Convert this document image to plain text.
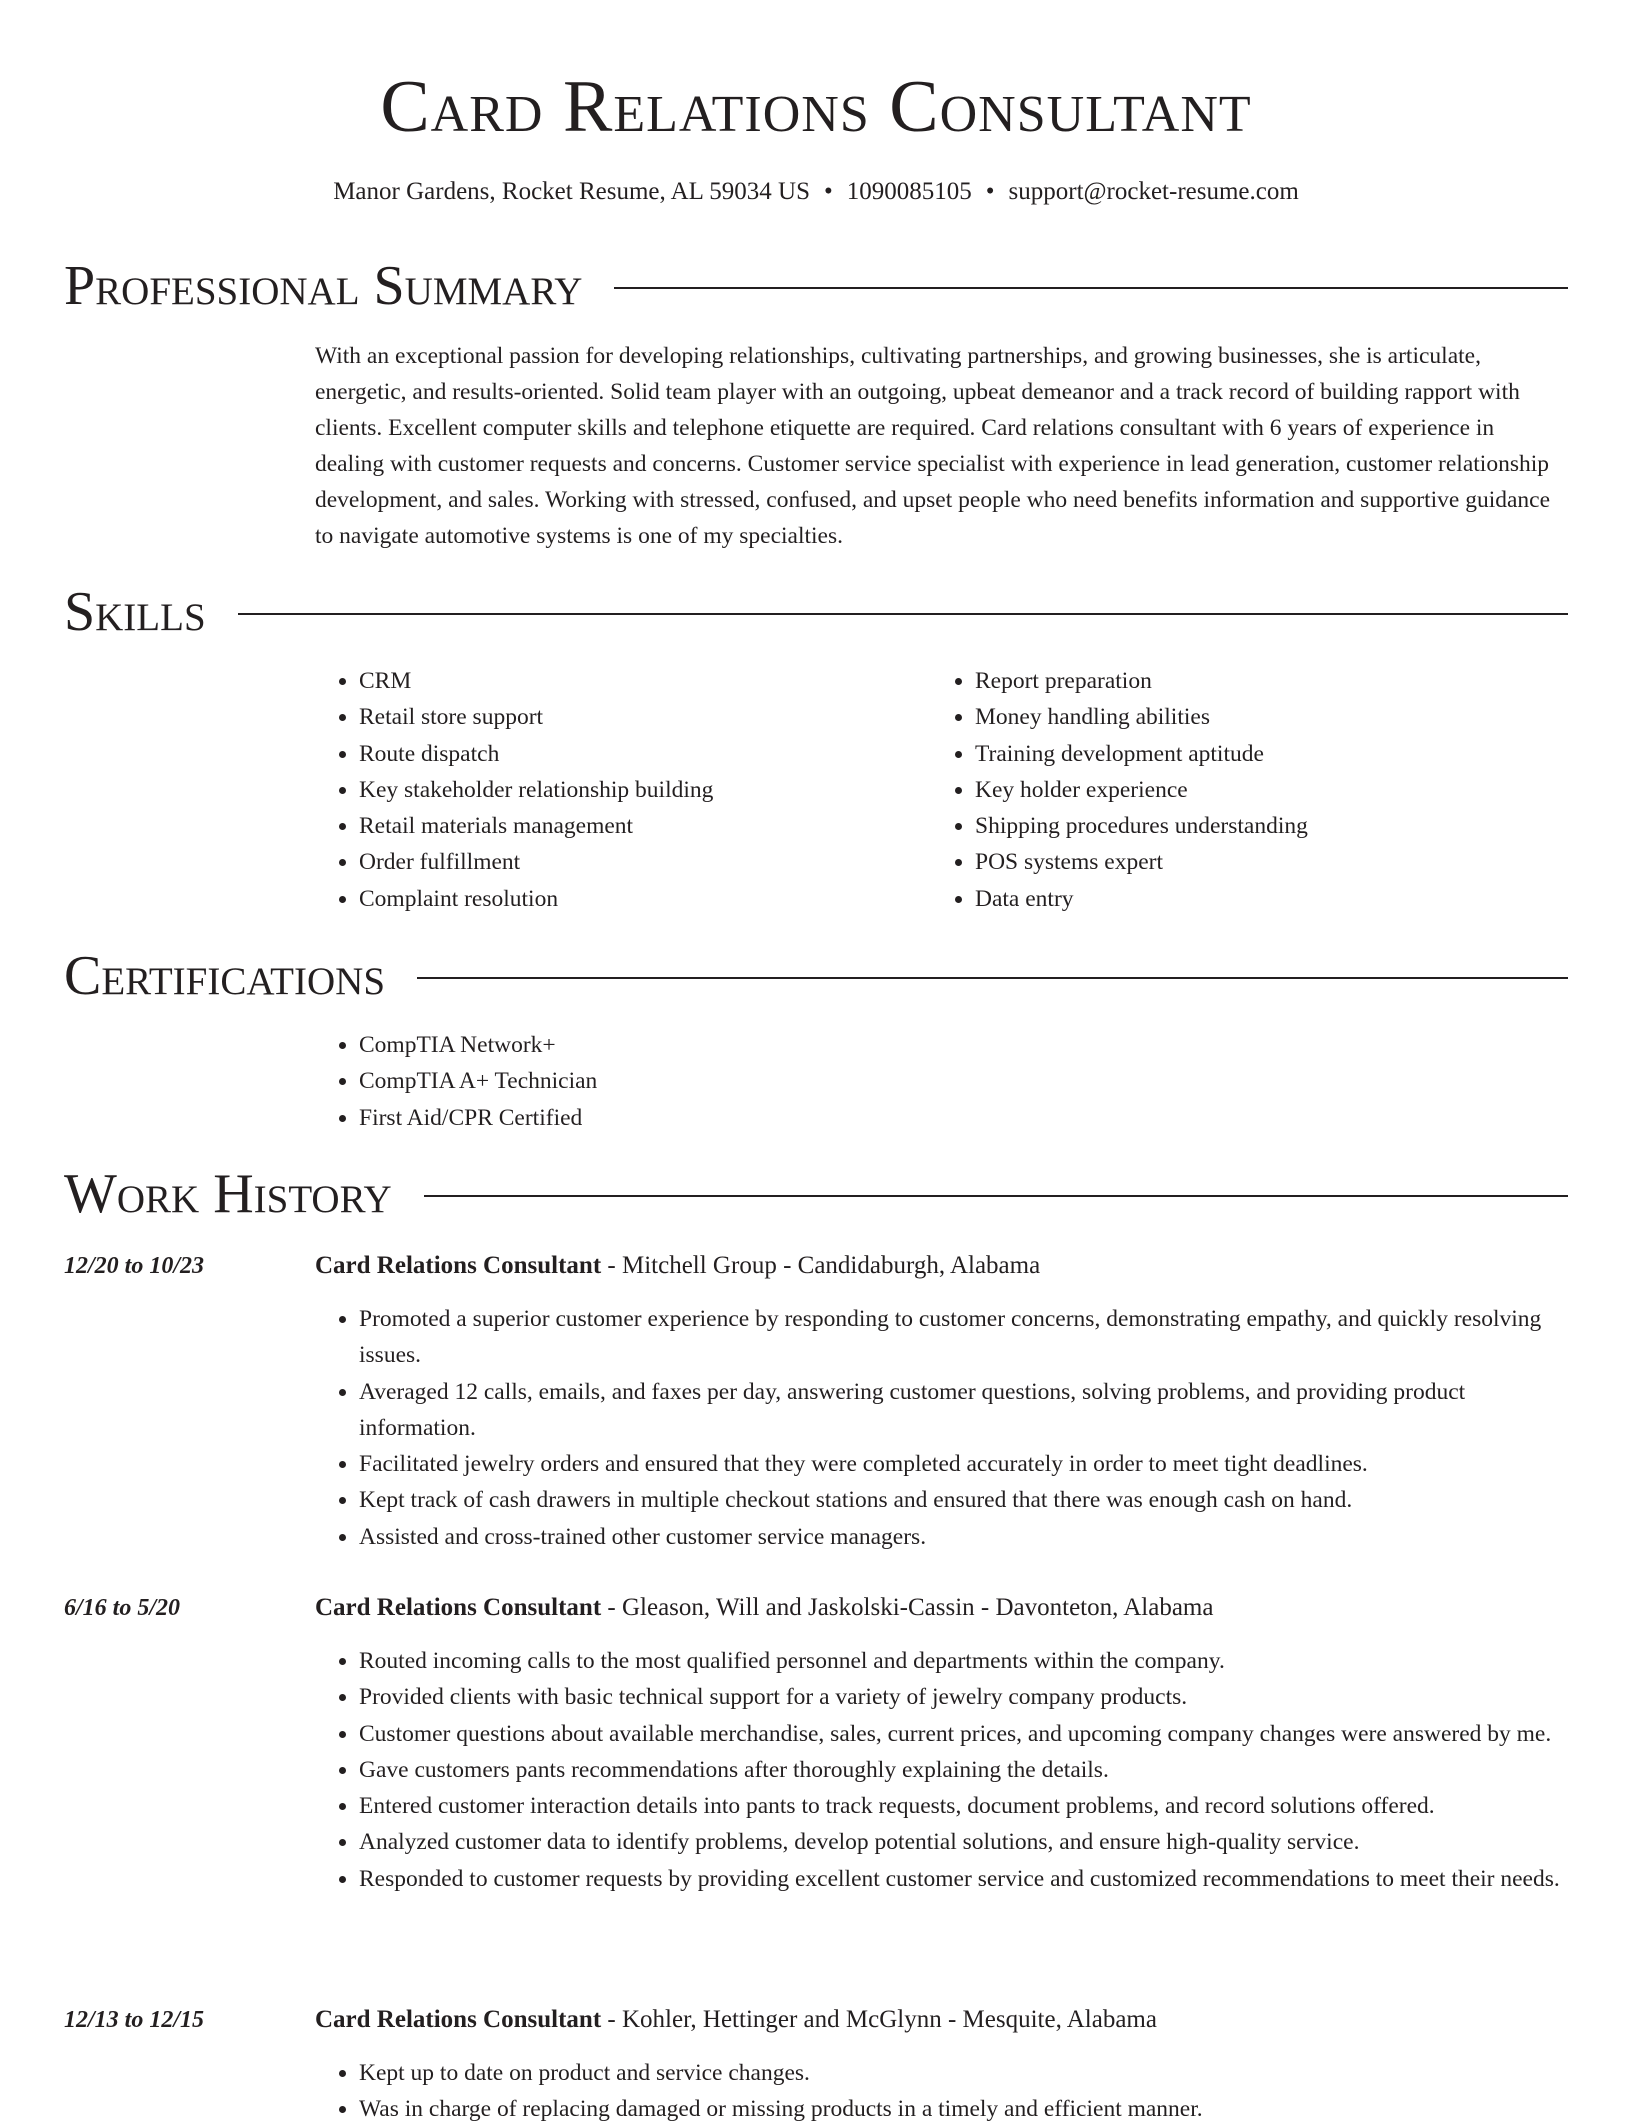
Card Relations Consultant
Manor Gardens, Rocket Resume, AL 59034 US • 1090085105 • support@rocket-resume.com
Professional Summary

With an exceptional passion for developing relationships, cultivating partnerships, and growing businesses, she is articulate, energetic, and results-oriented. Solid team player with an outgoing, upbeat demeanor and a track record of building rapport with clients. Excellent computer skills and telephone etiquette are required. Card relations consultant with 6 years of experience in dealing with customer requests and concerns. Customer service specialist with experience in lead generation, customer relationship development, and sales. Working with stressed, confused, and upset people who need benefits information and supportive guidance to navigate automotive systems is one of my specialties.

Skills
• CRM
• Retail store support
• Route dispatch
• Key stakeholder relationship building
• Retail materials management
• Order fulfillment
• Complaint resolution
• Report preparation
• Money handling abilities
• Training development aptitude
• Key holder experience
• Shipping procedures understanding
• POS systems expert
• Data entry
Certifications
• CompTIA Network+
• CompTIA A+ Technician
• First Aid/CPR Certified
Work History
12/20 to 10/23	Card Relations Consultant - Mitchell Group - Candidaburgh, Alabama
• Promoted a superior customer experience by responding to customer concerns, demonstrating empathy, and quickly resolving issues.
• Averaged 12 calls, emails, and faxes per day, answering customer questions, solving problems, and providing product information.
• Facilitated jewelry orders and ensured that they were completed accurately in order to meet tight deadlines.
• Kept track of cash drawers in multiple checkout stations and ensured that there was enough cash on hand.
• Assisted and cross-trained other customer service managers.
6/16 to 5/20	Card Relations Consultant - Gleason, Will and Jaskolski-Cassin - Davonteton, Alabama
• Routed incoming calls to the most qualified personnel and departments within the company.
• Provided clients with basic technical support for a variety of jewelry company products.
• Customer questions about available merchandise, sales, current prices, and upcoming company changes were answered by me.
• Gave customers pants recommendations after thoroughly explaining the details.
• Entered customer interaction details into pants to track requests, document problems, and record solutions offered.
• Analyzed customer data to identify problems, develop potential solutions, and ensure high-quality service.
• Responded to customer requests by providing excellent customer service and customized recommendations to meet their needs.
12/13 to 12/15	Card Relations Consultant - Kohler, Hettinger and McGlynn - Mesquite, Alabama
• Kept up to date on product and service changes.
• Was in charge of replacing damaged or missing products in a timely and efficient manner.
